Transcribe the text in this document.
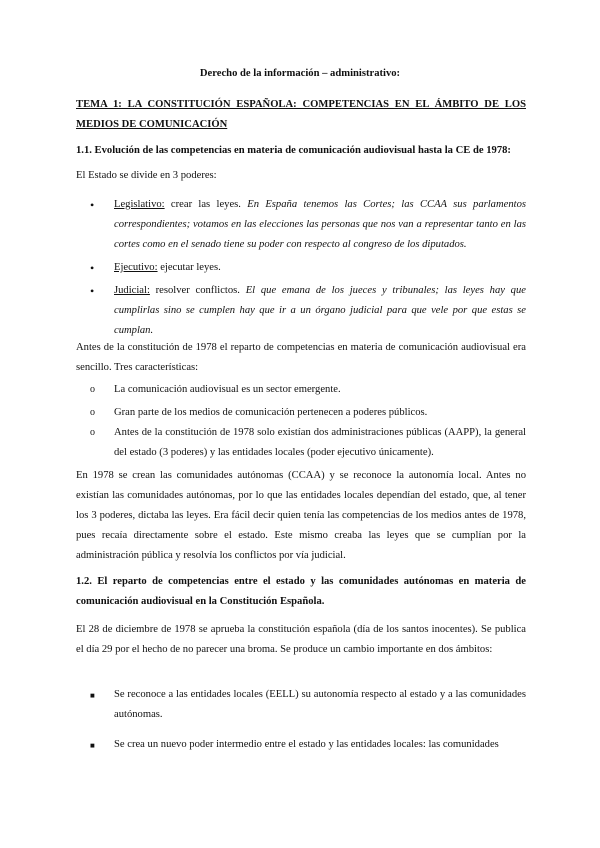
Derecho de la información – administrativo:
TEMA 1: LA CONSTITUCIÓN ESPAÑOLA: COMPETENCIAS EN EL ÁMBITO DE LOS MEDIOS DE COMUNICACIÓN
1.1. Evolución de las competencias en materia de comunicación audiovisual hasta la CE de 1978:
El Estado se divide en 3 poderes:
• Legislativo: crear las leyes. En España tenemos las Cortes; las CCAA sus parlamentos correspondientes; votamos en las elecciones las personas que nos van a representar tanto en las cortes como en el senado tiene su poder con respecto al congreso de los diputados.
• Ejecutivo: ejecutar leyes.
• Judicial: resolver conflictos. El que emana de los jueces y tribunales; las leyes hay que cumplirlas sino se cumplen hay que ir a un órgano judicial para que vele por que estas se cumplan.
Antes de la constitución de 1978 el reparto de competencias en materia de comunicación audiovisual era sencillo. Tres características:
o La comunicación audiovisual es un sector emergente.
o Gran parte de los medios de comunicación pertenecen a poderes públicos.
o Antes de la constitución de 1978 solo existían dos administraciones públicas (AAPP), la general del estado (3 poderes) y las entidades locales (poder ejecutivo únicamente).
En 1978 se crean las comunidades autónomas (CCAA) y se reconoce la autonomía local. Antes no existían las comunidades autónomas, por lo que las entidades locales dependían del estado, que, al tener los 3 poderes, dictaba las leyes. Era fácil decir quien tenía las competencias de los medios antes de 1978, pues recaía directamente sobre el estado. Este mismo creaba las leyes que se cumplían por la administración pública y resolvía los conflictos por vía judicial.
1.2. El reparto de competencias entre el estado y las comunidades autónomas en materia de comunicación audiovisual en la Constitución Española.
El 28 de diciembre de 1978 se aprueba la constitución española (día de los santos inocentes). Se publica el día 29 por el hecho de no parecer una broma. Se produce un cambio importante en dos ámbitos:
■ Se reconoce a las entidades locales (EELL) su autonomía respecto al estado y a las comunidades autónomas.
■ Se crea un nuevo poder intermedio entre el estado y las entidades locales: las comunidades
